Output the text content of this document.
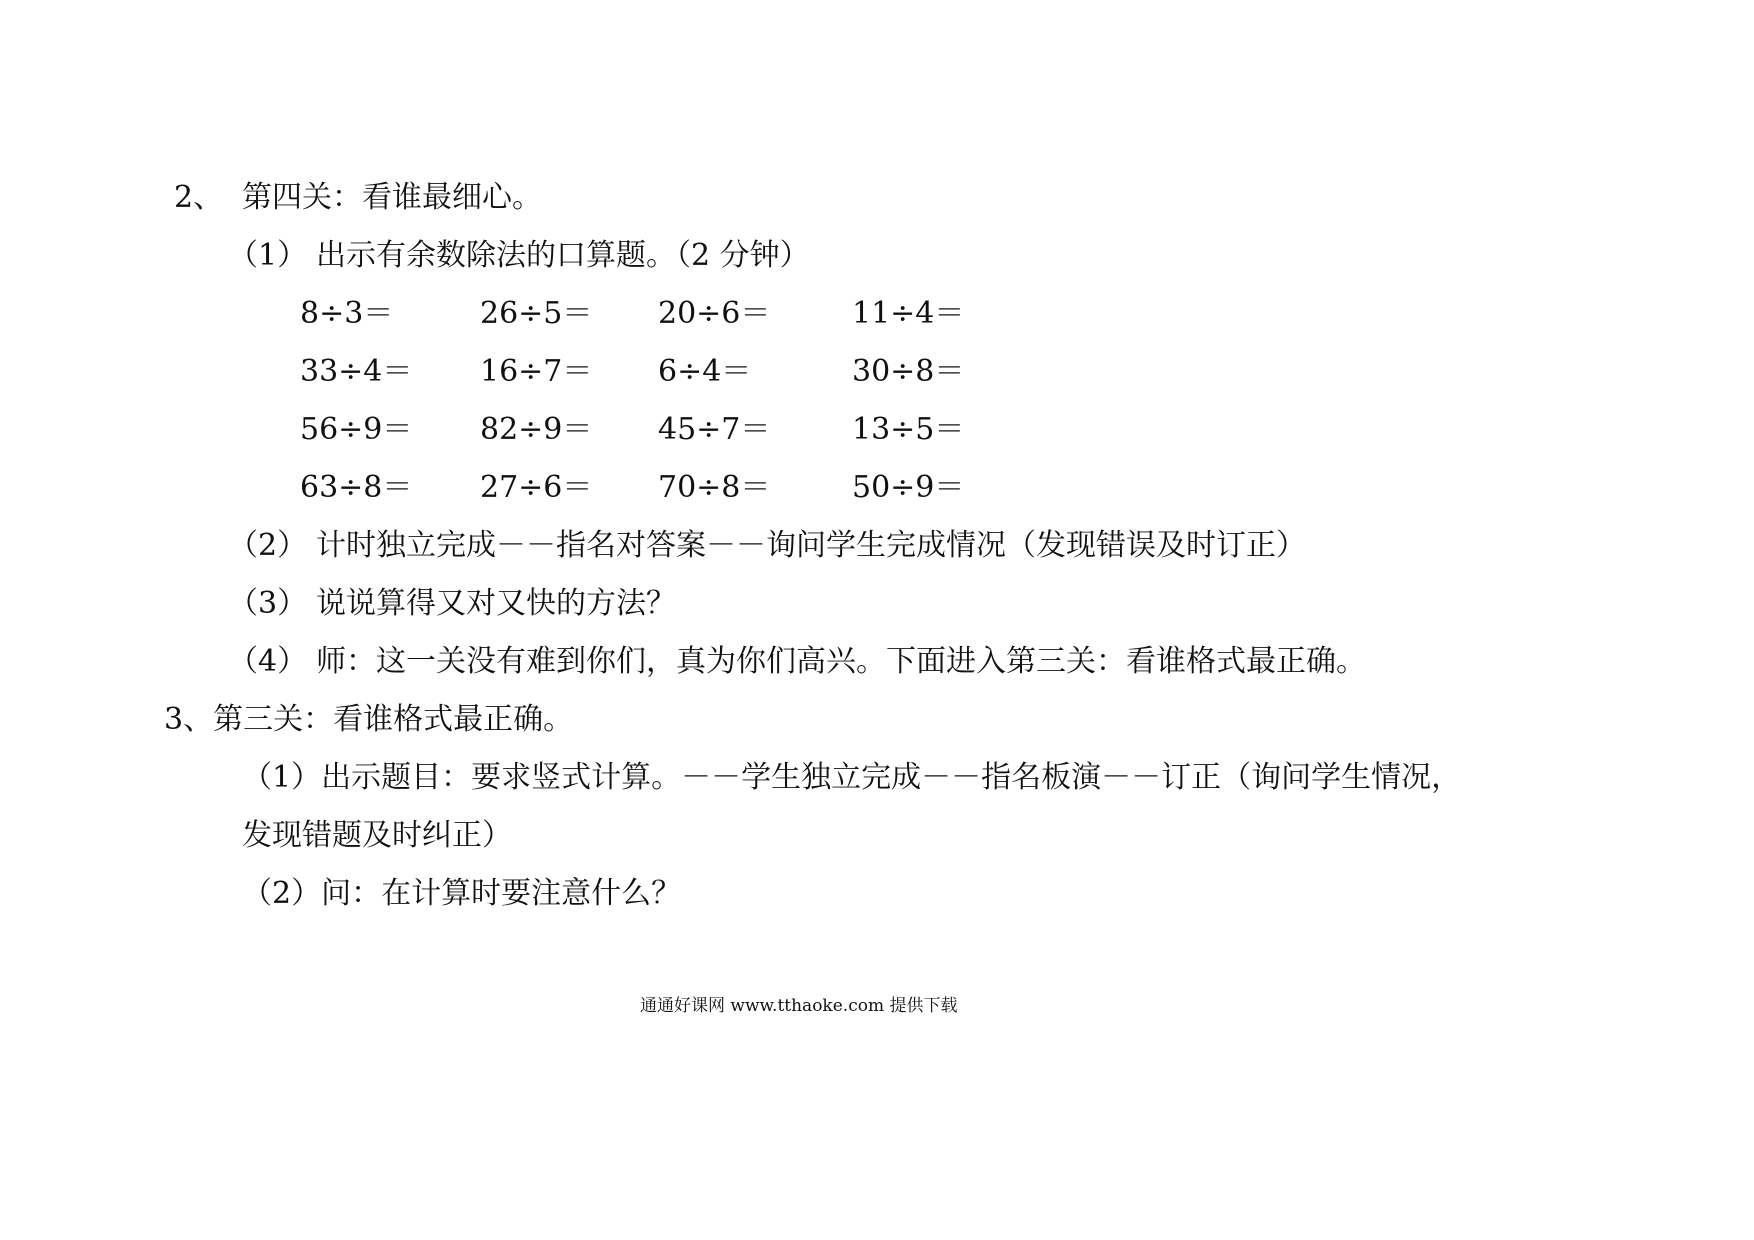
2、 第四关：看谁最细心。
（1） 出示有余数除法的口算题。（2 分钟）
8÷3＝	26÷5＝ 20÷6＝	11÷4＝
33÷4＝ 16÷7＝ 6÷4＝	30÷8＝
56÷9＝ 82÷9＝ 45÷7＝	13÷5＝
63÷8＝ 27÷6＝ 70÷8＝	50÷9＝
（2） 计时独立完成－－指名对答案－－询问学生完成情况（发现错误及时订正）
（3） 说说算得又对又快的方法？
（4） 师：这一关没有难到你们，真为你们高兴。下面进入第三关：看谁格式最正确。
3、第三关：看谁格式最正确。
（1）出示题目：要求竖式计算。－－学生独立完成－－指名板演－－订正（询问学生情况，
发现错题及时纠正）
（2）问：在计算时要注意什么？
通通好课网 www.tthaoke.com 提供下载
